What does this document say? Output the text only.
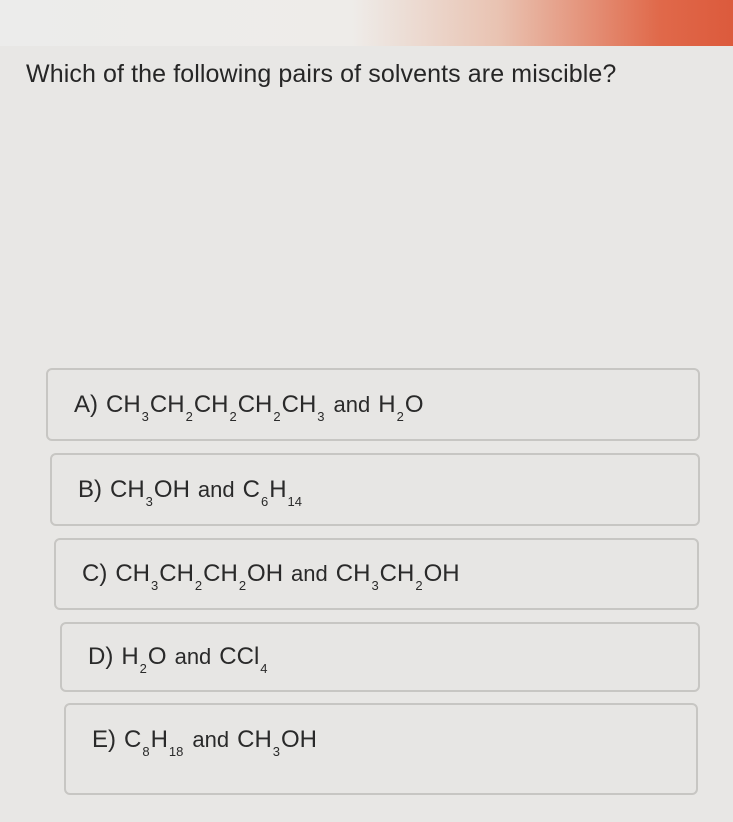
Which of the following pairs of solvents are miscible?
A) $CH_3CH_2CH_2CH_2CH_3$ and $H_2O$
B) $CH_3OH$ and $C_6H_{14}$
C) $CH_3CH_2CH_2OH$ and $CH_3CH_2OH$
D) $H_2O$ and CCl$_4$
E) $C_8H_{18}$ and $CH_3OH$
